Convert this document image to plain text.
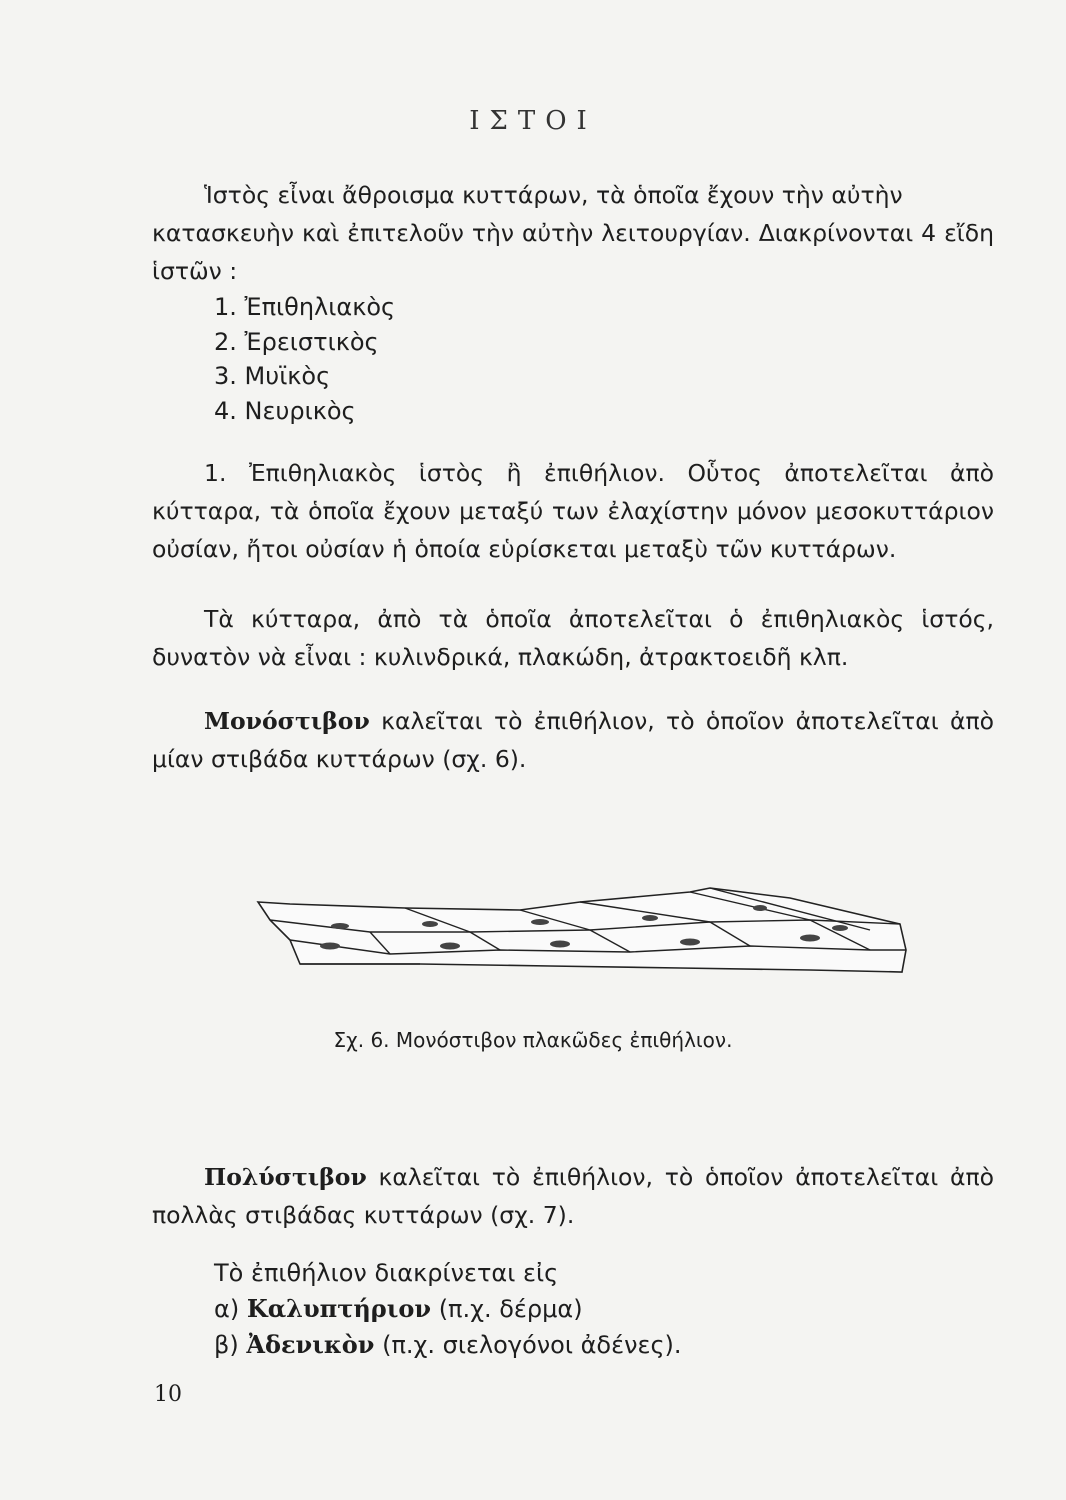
ΙΣΤΟΙ
Ἱστὸς εἶναι ἄθροισμα κυττάρων, τὰ ὁποῖα ἔχουν τὴν αὐτὴν
κατασκευὴν καὶ ἐπιτελοῦν τὴν αὐτὴν λειτουργίαν. Διακρίνονται 4 εἴδη ἱστῶν :
1. Ἐπιθηλιακὸς
2. Ἐρειστικὸς
3. Μυϊκὸς
4. Νευρικὸς
1. Ἐπιθηλιακὸς ἱστὸς ἢ ἐπιθήλιον. Οὗτος ἀποτελεῖται ἀπὸ κύτταρα, τὰ ὁποῖα ἔχουν μεταξύ των ἐλαχίστην μόνον μεσοκυττάριον οὐσίαν, ἤτοι οὐσίαν ἡ ὁποία εὑρίσκεται μεταξὺ τῶν κυττάρων.
Τὰ κύτταρα, ἀπὸ τὰ ὁποῖα ἀποτελεῖται ὁ ἐπιθηλιακὸς ἱστός, δυνατὸν νὰ εἶναι : κυλινδρικά, πλακώδη, ἀτρακτοειδῆ κλπ.
Μονόστιβον καλεῖται τὸ ἐπιθήλιον, τὸ ὁποῖον ἀποτελεῖται ἀπὸ μίαν στιβάδα κυττάρων (σχ. 6).
Σχ. 6. Μονόστιβον πλακῶδες ἐπιθήλιον.
Πολύστιβον καλεῖται τὸ ἐπιθήλιον, τὸ ὁποῖον ἀποτελεῖται ἀπὸ πολλὰς στιβάδας κυττάρων (σχ. 7).
Τὸ ἐπιθήλιον διακρίνεται εἰς
α) Καλυπτήριον (π.χ. δέρμα)
β) Ἀδενικὸν (π.χ. σιελογόνοι ἀδένες).
10
